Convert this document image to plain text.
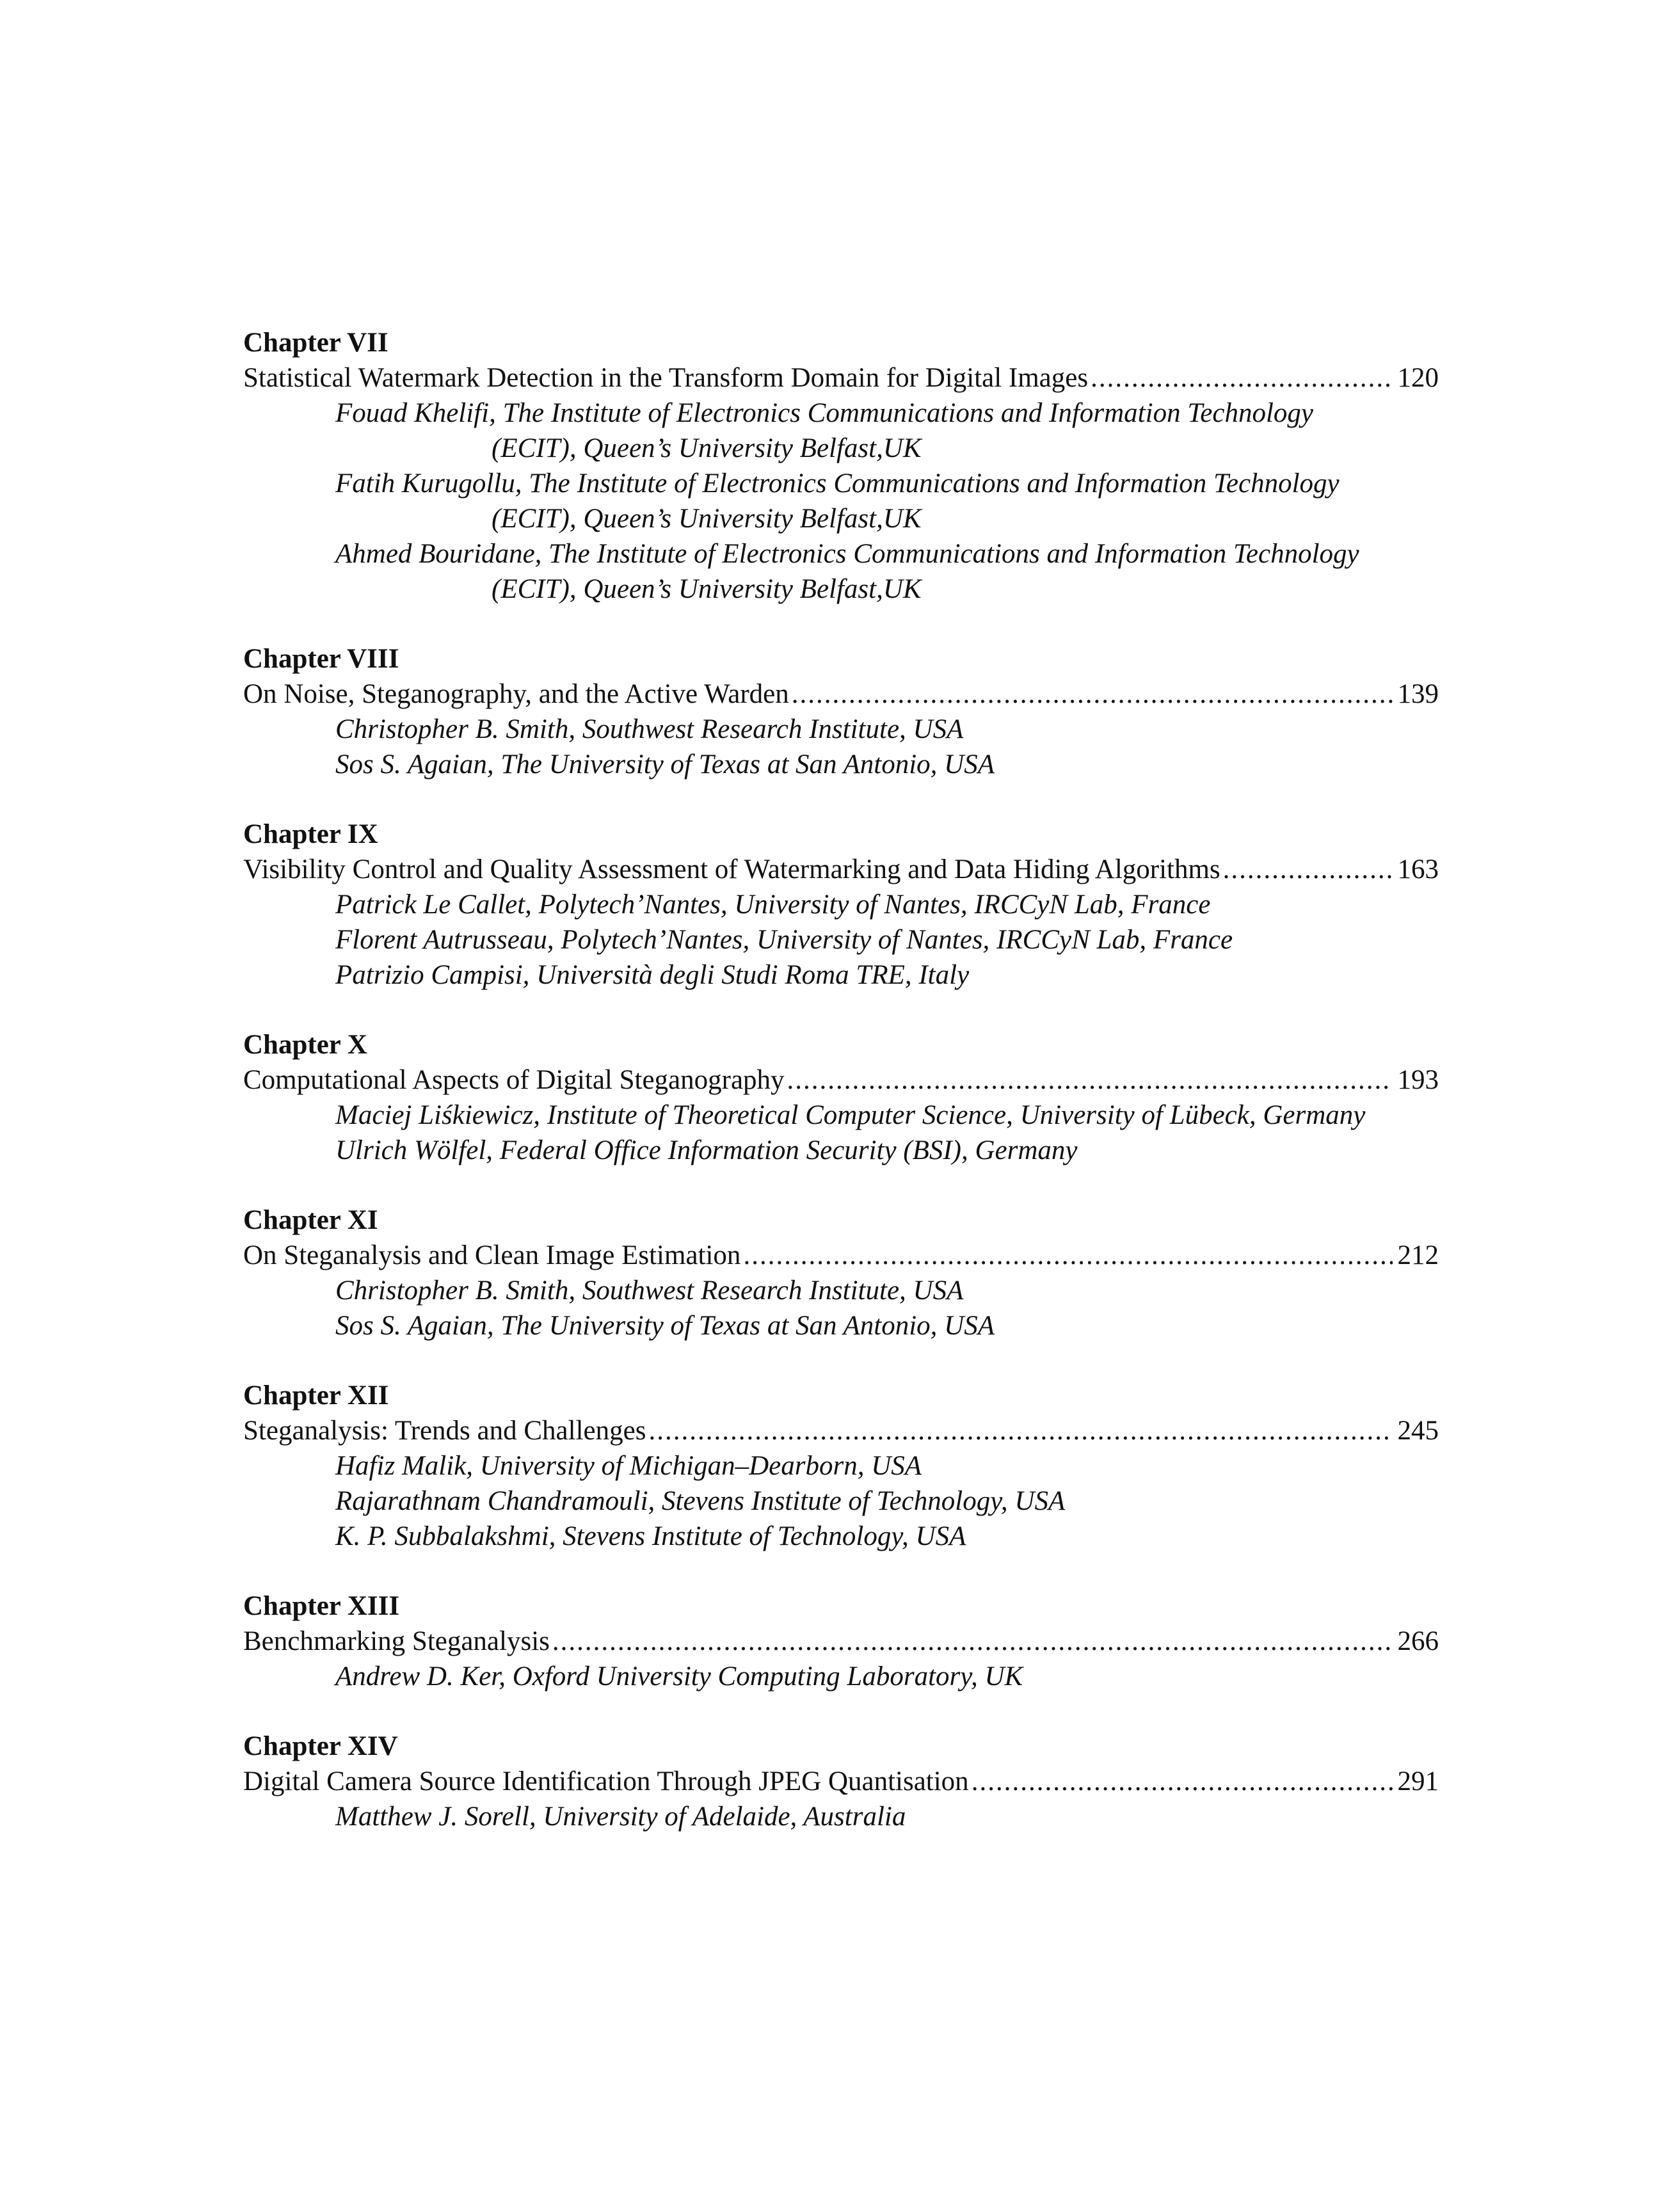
Chapter VII
Statistical Watermark Detection in the Transform Domain for Digital Images .....	120
Fouad Khelifi, The Institute of Electronics Communications and Information Technology
(ECIT), Queen’s University Belfast,UK
Fatih Kurugollu, The Institute of Electronics Communications and Information Technology
(ECIT), Queen’s University Belfast,UK
Ahmed Bouridane, The Institute of Electronics Communications and Information Technology
(ECIT), Queen’s University Belfast,UK
Chapter VIII
On Noise, Steganography, and the Active Warden .....	139
Christopher B. Smith, Southwest Research Institute, USA
Sos S. Agaian, The University of Texas at San Antonio, USA
Chapter IX
Visibility Control and Quality Assessment of Watermarking and Data Hiding Algorithms .....	163
Patrick Le Callet, Polytech’Nantes, University of Nantes, IRCCyN Lab, France
Florent Autrusseau, Polytech’Nantes, University of Nantes, IRCCyN Lab, France
Patrizio Campisi, Università degli Studi Roma TRE, Italy
Chapter X
Computational Aspects of Digital Steganography .....	193
Maciej Liśkiewicz, Institute of Theoretical Computer Science, University of Lübeck, Germany
Ulrich Wölfel, Federal Office Information Security (BSI), Germany
Chapter XI
On Steganalysis and Clean Image Estimation .....	212
Christopher B. Smith, Southwest Research Institute, USA
Sos S. Agaian, The University of Texas at San Antonio, USA
Chapter XII
Steganalysis: Trends and Challenges .....	245
Hafiz Malik, University of Michigan–Dearborn, USA
Rajarathnam Chandramouli, Stevens Institute of Technology, USA
K. P. Subbalakshmi, Stevens Institute of Technology, USA
Chapter XIII
Benchmarking Steganalysis .....	266
Andrew D. Ker, Oxford University Computing Laboratory, UK
Chapter XIV
Digital Camera Source Identification Through JPEG Quantisation .....	291
Matthew J. Sorell, University of Adelaide, Australia
